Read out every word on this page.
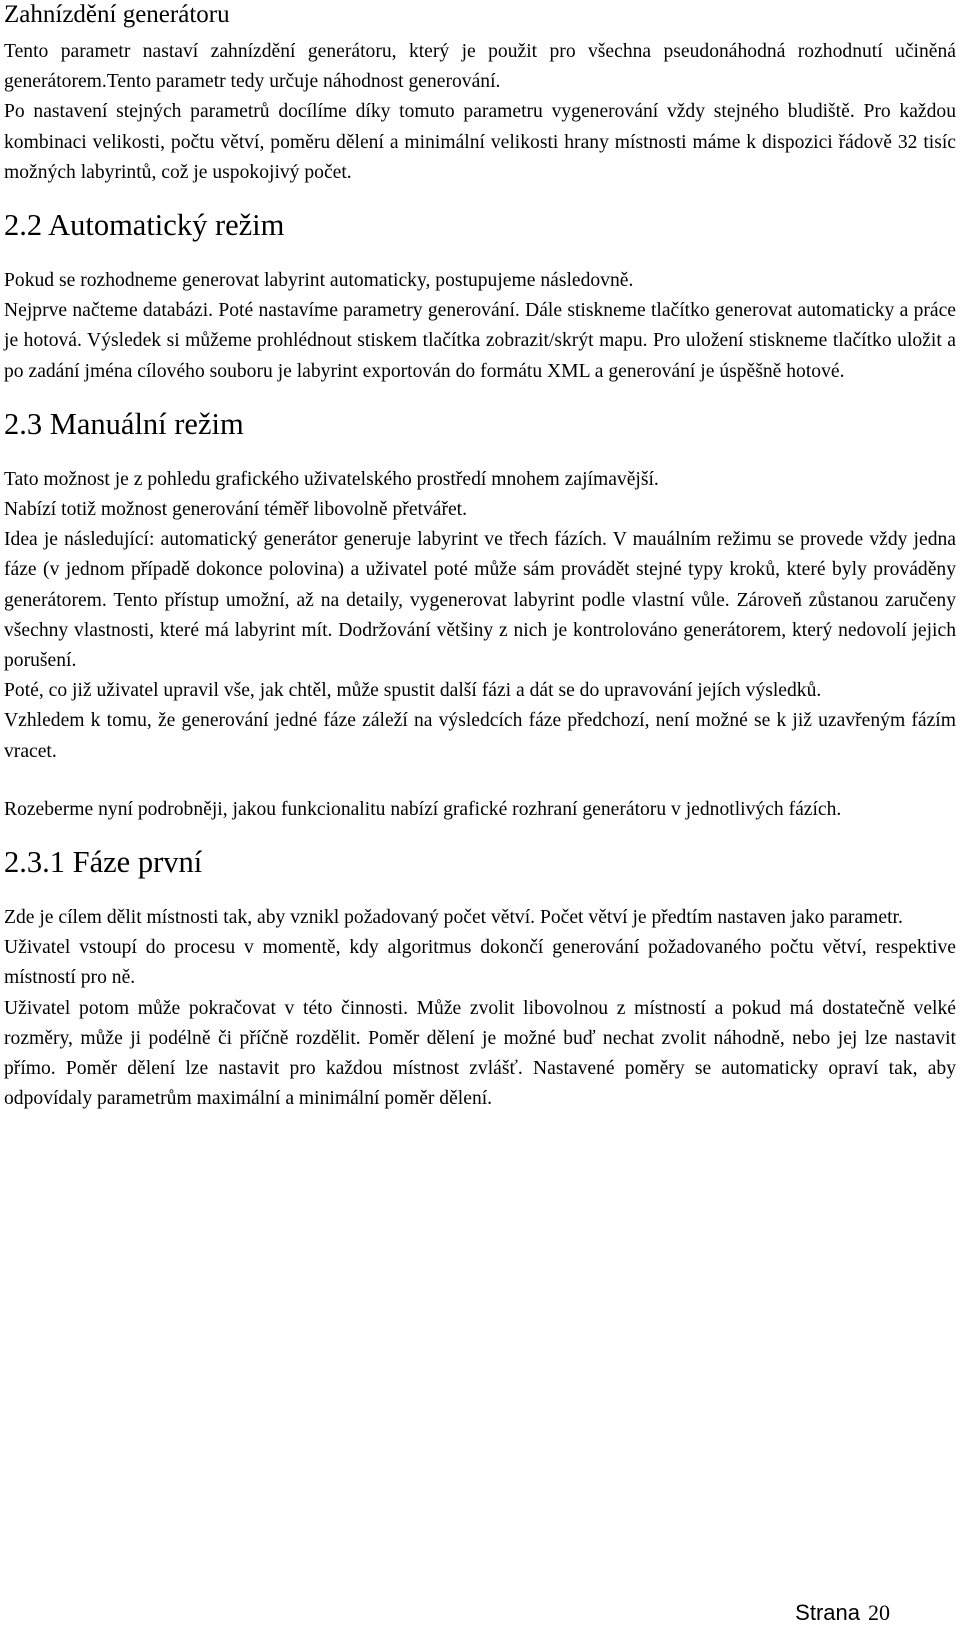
Zahnízdění generátoru

Tento parametr nastaví zahnízdění generátoru, který je použit pro všechna pseudonáhodná rozhodnutí učiněná generátorem.Tento parametr tedy určuje náhodnost generování.

Po nastavení stejných parametrů docílíme díky tomuto parametru vygenerování vždy stejného bludiště. Pro každou kombinaci velikosti, počtu větví, poměru dělení a minimální velikosti hrany místnosti máme k dispozici řádově 32 tisíc možných labyrintů, což je uspokojivý počet.

2.2 Automatický režim

Pokud se rozhodneme generovat labyrint automaticky, postupujeme následovně.

Nejprve načteme databázi. Poté nastavíme parametry generování. Dále stiskneme tlačítko generovat automaticky a práce je hotová. Výsledek si můžeme prohlédnout stiskem tlačítka zobrazit/skrýt mapu. Pro uložení stiskneme tlačítko uložit a po zadání jména cílového souboru je labyrint exportován do formátu XML a generování je úspěšně hotové.

2.3 Manuální režim

Tato možnost je z pohledu grafického uživatelského prostředí mnohem zajímavější.

Nabízí totiž možnost generování téměř libovolně přetvářet.

Idea je následující: automatický generátor generuje labyrint ve třech fázích. V mauálním režimu se provede vždy jedna fáze (v jednom případě dokonce polovina) a uživatel poté může sám provádět stejné typy kroků, které byly prováděny generátorem. Tento přístup umožní, až na detaily, vygenerovat labyrint podle vlastní vůle. Zároveň zůstanou zaručeny všechny vlastnosti, které má labyrint mít. Dodržování většiny z nich je kontrolováno generátorem, který nedovolí jejich porušení.

Poté, co již uživatel upravil vše, jak chtěl, může spustit další fázi a dát se do upravování jejích výsledků.

Vzhledem k tomu, že generování jedné fáze záleží na výsledcích fáze předchozí, není možné se k již uzavřeným fázím vracet.

Rozeberme nyní podrobněji, jakou funkcionalitu nabízí grafické rozhraní generátoru v jednotlivých fázích.

2.3.1 Fáze první

Zde je cílem dělit místnosti tak, aby vznikl požadovaný počet větví. Počet větví je předtím nastaven jako parametr.

Uživatel vstoupí do procesu v momentě, kdy algoritmus dokončí generování požadovaného počtu větví, respektive místností pro ně.

Uživatel potom může pokračovat v této činnosti. Může zvolit libovolnou z místností a pokud má dostatečně velké rozměry, může ji podélně či příčně rozdělit. Poměr dělení je možné buď nechat zvolit náhodně, nebo jej lze nastavit přímo. Poměr dělení lze nastavit pro každou místnost zvlášť. Nastavené poměry se automaticky opraví tak, aby odpovídaly parametrům maximální a minimální poměr dělení.

Strana 20
